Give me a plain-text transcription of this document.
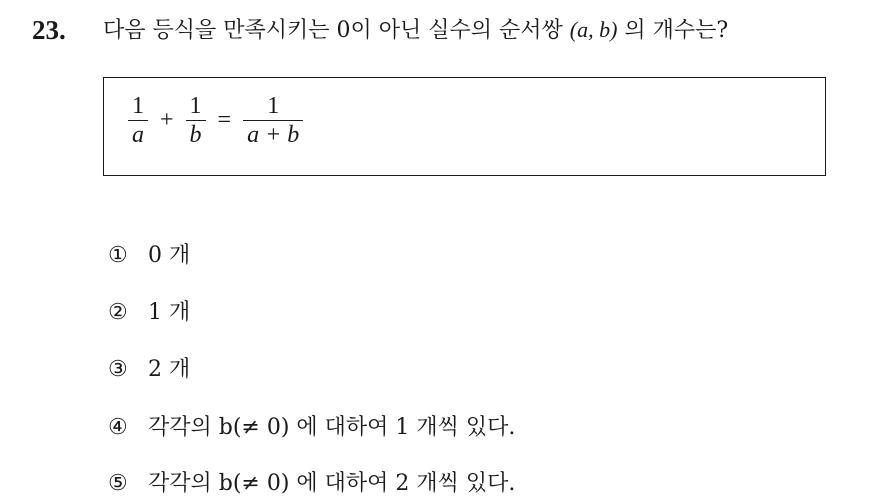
23. 다음 등식을 만족시키는 0이 아닌 실수의 순서쌍 (a, b) 의 개수는?
$\frac{1}{a} + \frac{1}{b} = \frac{1}{a + b}$
① 0 개
② 1 개
③ 2 개
④ 각각의 b(≠ 0) 에 대하여 1 개씩 있다.
⑤ 각각의 b(≠ 0) 에 대하여 2 개씩 있다.
